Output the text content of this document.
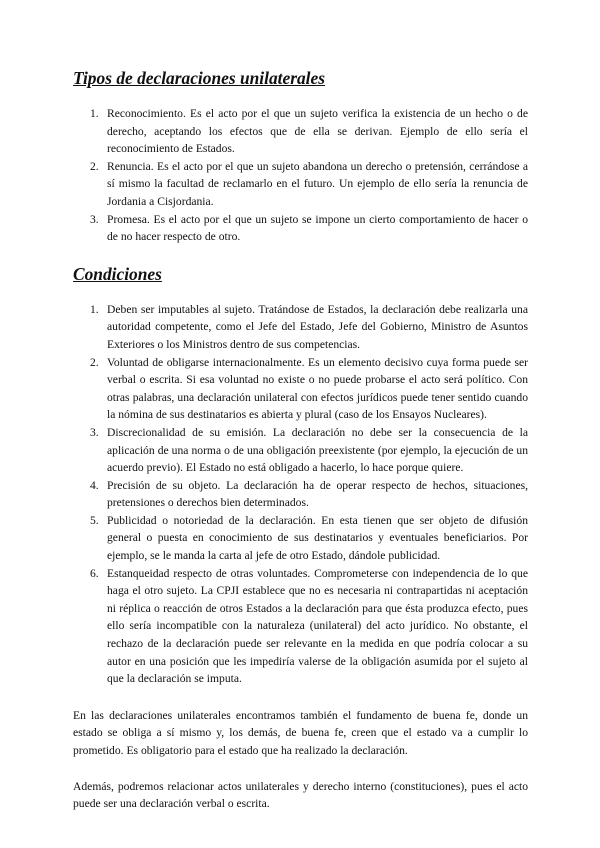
Tipos de declaraciones unilaterales
1. Reconocimiento. Es el acto por el que un sujeto verifica la existencia de un hecho o de derecho, aceptando los efectos que de ella se derivan. Ejemplo de ello sería el reconocimiento de Estados.
2. Renuncia. Es el acto por el que un sujeto abandona un derecho o pretensión, cerrándose a sí mismo la facultad de reclamarlo en el futuro. Un ejemplo de ello sería la renuncia de Jordania a Cisjordania.
3. Promesa. Es el acto por el que un sujeto se impone un cierto comportamiento de hacer o de no hacer respecto de otro.
Condiciones
1. Deben ser imputables al sujeto. Tratándose de Estados, la declaración debe realizarla una autoridad competente, como el Jefe del Estado, Jefe del Gobierno, Ministro de Asuntos Exteriores o los Ministros dentro de sus competencias.
2. Voluntad de obligarse internacionalmente. Es un elemento decisivo cuya forma puede ser verbal o escrita. Si esa voluntad no existe o no puede probarse el acto será político. Con otras palabras, una declaración unilateral con efectos jurídicos puede tener sentido cuando la nómina de sus destinatarios es abierta y plural (caso de los Ensayos Nucleares).
3. Discrecionalidad de su emisión. La declaración no debe ser la consecuencia de la aplicación de una norma o de una obligación preexistente (por ejemplo, la ejecución de un acuerdo previo). El Estado no está obligado a hacerlo, lo hace porque quiere.
4. Precisión de su objeto. La declaración ha de operar respecto de hechos, situaciones, pretensiones o derechos bien determinados.
5. Publicidad o notoriedad de la declaración. En esta tienen que ser objeto de difusión general o puesta en conocimiento de sus destinatarios y eventuales beneficiarios. Por ejemplo, se le manda la carta al jefe de otro Estado, dándole publicidad.
6. Estanqueidad respecto de otras voluntades. Comprometerse con independencia de lo que haga el otro sujeto. La CPJI establece que no es necesaria ni contrapartidas ni aceptación ni réplica o reacción de otros Estados a la declaración para que ésta produzca efecto, pues ello sería incompatible con la naturaleza (unilateral) del acto jurídico. No obstante, el rechazo de la declaración puede ser relevante en la medida en que podría colocar a su autor en una posición que les impediría valerse de la obligación asumida por el sujeto al que la declaración se imputa.

En las declaraciones unilaterales encontramos también el fundamento de buena fe, donde un estado se obliga a sí mismo y, los demás, de buena fe, creen que el estado va a cumplir lo prometido. Es obligatorio para el estado que ha realizado la declaración.

Además, podremos relacionar actos unilaterales y derecho interno (constituciones), pues el acto puede ser una declaración verbal o escrita.
